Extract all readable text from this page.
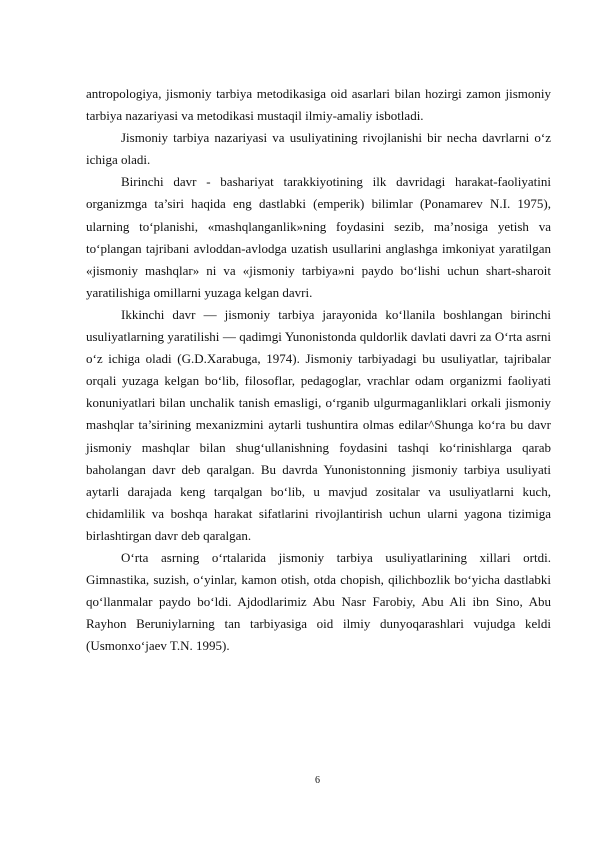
antropologiya, jismoniy tarbiya metodikasiga oid asarlari bilan hozirgi zamon jismoniy tarbiya nazariyasi va metodikasi mustaqil ilmiy-amaliy isbotladi.

Jismoniy tarbiya nazariyasi va usuliyatining rivojlanishi bir necha davrlarni o‘z ichiga oladi.

Birinchi davr - bashariyat tarakkiyotining ilk davridagi harakat-faoliyatini organizmga ta’siri haqida eng dastlabki (emperik) bilimlar (Ponamarev N.I. 1975), ularning to‘planishi, «mashqlanganlik»ning foydasini sezib, ma’nosiga yetish va to‘plangan tajribani avloddan-avlodga uzatish usullarini anglashga imkoniyat yaratilgan «jismoniy mashqlar» ni va «jismoniy tarbiya»ni paydo bo‘lishi uchun shart-sharoit yaratilishiga omillarni yuzaga kelgan davri.

Ikkinchi davr — jismoniy tarbiya jarayonida ko‘llanila boshlangan birinchi usuliyatlarning yaratilishi — qadimgi Yunonistonda quldorlik davlati davri za O‘rta asrni o‘z ichiga oladi (G.D.Xarabuga, 1974). Jismoniy tarbiyadagi bu usuliyatlar, tajribalar orqali yuzaga kelgan bo‘lib, filosoflar, pedagoglar, vrachlar odam organizmi faoliyati konuniyatlari bilan unchalik tanish emasligi, o‘rganib ulgurmaganliklari orkali jismoniy mashqlar ta’sirining mexanizmini aytarli tushuntira olmas edilar^Shunga ko‘ra bu davr jismoniy mashqlar bilan shug‘ullanishning foydasini tashqi ko‘rinishlarga qarab baholangan davr deb qaralgan. Bu davrda Yunonistonning jismoniy tarbiya usuliyati aytarli darajada keng tarqalgan bo‘lib, u mavjud zositalar va usuliyatlarni kuch, chidamlilik va boshqa harakat sifatlarini rivojlantirish uchun ularni yagona tizimiga birlashtirgan davr deb qaralgan.

O‘rta asrning o‘rtalarida jismoniy tarbiya usuliyatlarining xillari ortdi. Gimnastika, suzish, o‘yinlar, kamon otish, otda chopish, qilichbozlik bo‘yicha dastlabki qo‘llanmalar paydo bo‘ldi. Ajdodlarimiz Abu Nasr Farobiy, Abu Ali ibn Sino, Abu Rayhon Beruniylarning tan tarbiyasiga oid ilmiy dunyoqarashlari vujudga keldi (Usmonxo‘jaev T.N. 1995).

6
